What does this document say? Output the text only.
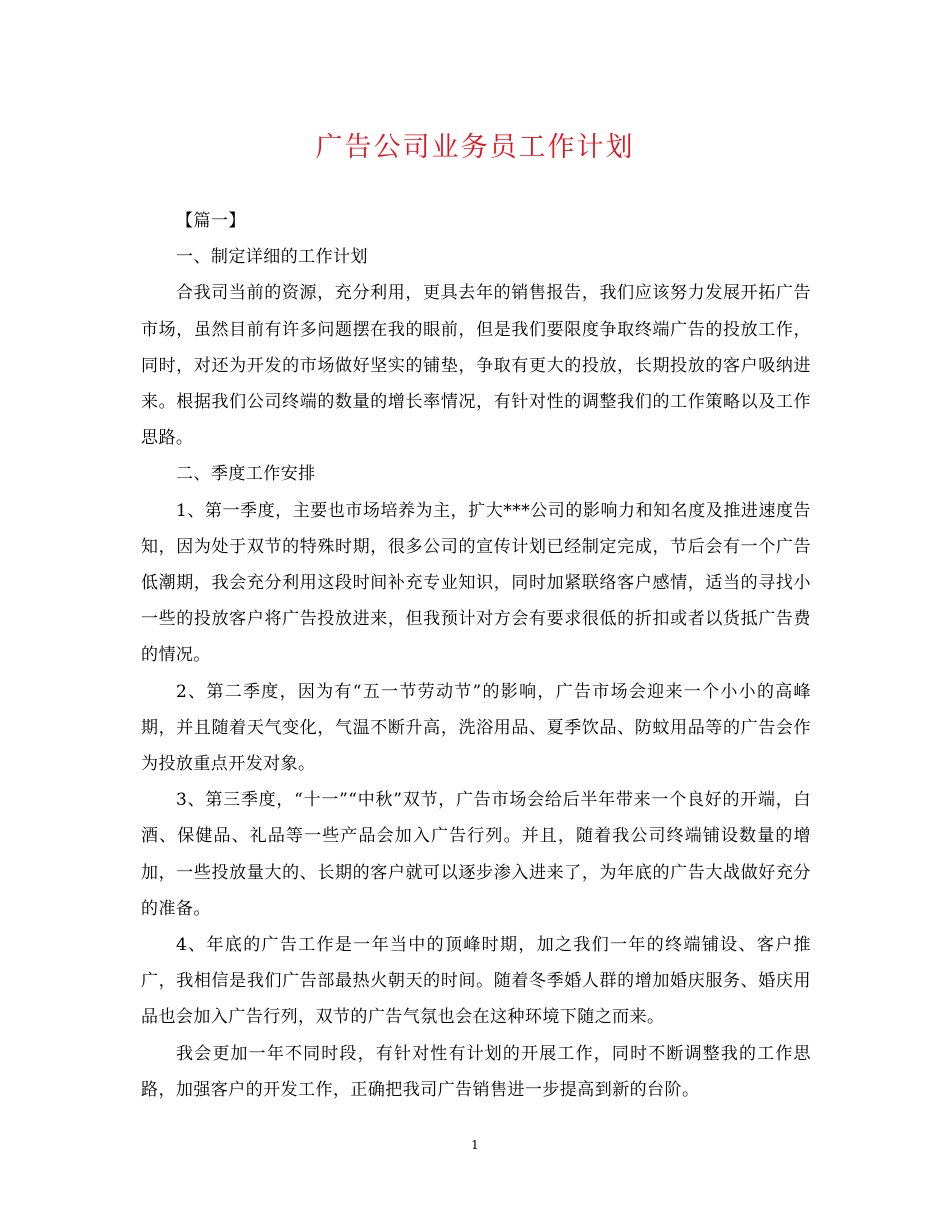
广告公司业务员工作计划

【篇一】

一、制定详细的工作计划

合我司当前的资源，充分利用，更具去年的销售报告，我们应该努力发展开拓广告市场，虽然目前有许多问题摆在我的眼前，但是我们要限度争取终端广告的投放工作，同时，对还为开发的市场做好坚实的铺垫，争取有更大的投放，长期投放的客户吸纳进来。根据我们公司终端的数量的增长率情况，有针对性的调整我们的工作策略以及工作思路。

二、季度工作安排

1、第一季度，主要也市场培养为主，扩大***公司的影响力和知名度及推进速度告知，因为处于双节的特殊时期，很多公司的宣传计划已经制定完成，节后会有一个广告低潮期，我会充分利用这段时间补充专业知识，同时加紧联络客户感情，适当的寻找小一些的投放客户将广告投放进来，但我预计对方会有要求很低的折扣或者以货抵广告费的情况。

2、第二季度，因为有“五一节劳动节”的影响，广告市场会迎来一个小小的高峰期，并且随着天气变化，气温不断升高，洗浴用品、夏季饮品、防蚊用品等的广告会作为投放重点开发对象。

3、第三季度，“十一”“中秋”双节，广告市场会给后半年带来一个良好的开端，白酒、保健品、礼品等一些产品会加入广告行列。并且，随着我公司终端铺设数量的增加，一些投放量大的、长期的客户就可以逐步渗入进来了，为年底的广告大战做好充分的准备。

4、年底的广告工作是一年当中的顶峰时期，加之我们一年的终端铺设、客户推广，我相信是我们广告部最热火朝天的时间。随着冬季婚人群的增加婚庆服务、婚庆用品也会加入广告行列，双节的广告气氛也会在这种环境下随之而来。

我会更加一年不同时段，有针对性有计划的开展工作，同时不断调整我的工作思路，加强客户的开发工作，正确把我司广告销售进一步提高到新的台阶。

1
